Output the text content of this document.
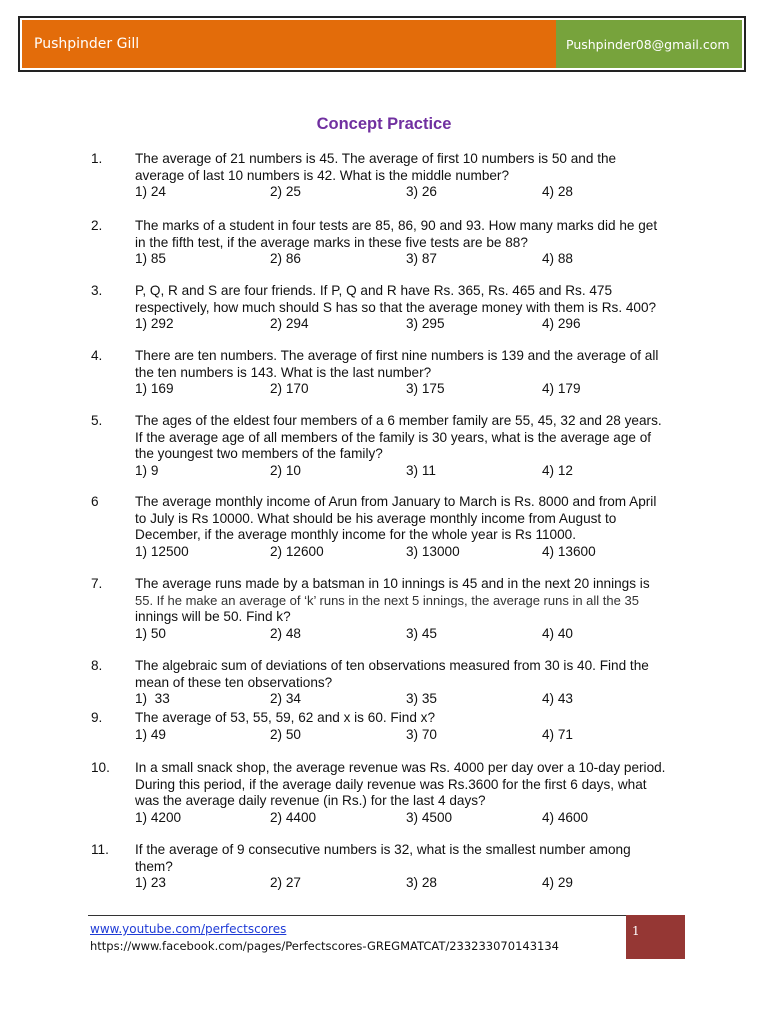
Pushpinder Gill	Pushpinder08@gmail.com
Concept Practice
1. The average of 21 numbers is 45. The average of first 10 numbers is 50 and the
average of last 10 numbers is 42. What is the middle number?
1) 24	2) 25	3) 26	4) 28
2. The marks of a student in four tests are 85, 86, 90 and 93. How many marks did he get
in the fifth test, if the average marks in these five tests are be 88?
1) 85	2) 86	3) 87	4) 88
3. P, Q, R and S are four friends. If P, Q and R have Rs. 365, Rs. 465 and Rs. 475
respectively, how much should S has so that the average money with them is Rs. 400?
1) 292	2) 294	3) 295	4) 296
4. There are ten numbers. The average of first nine numbers is 139 and the average of all
the ten numbers is 143. What is the last number?
1) 169	2) 170	3) 175	4) 179
5. The ages of the eldest four members of a 6 member family are 55, 45, 32 and 28 years.
If the average age of all members of the family is 30 years, what is the average age of
the youngest two members of the family?
1) 9	2) 10	3) 11	4) 12
6	The average monthly income of Arun from January to March is Rs. 8000 and from April
to July is Rs 10000. What should be his average monthly income from August to
December, if the average monthly income for the whole year is Rs 11000.
1) 12500	2) 12600	3) 13000	4) 13600
7. The average runs made by a batsman in 10 innings is 45 and in the next 20 innings is
55. If he make an average of ‘k’ runs in the next 5 innings, the average runs in all the 35
innings will be 50. Find k?
1) 50	2) 48	3) 45	4) 40
8. The algebraic sum of deviations of ten observations measured from 30 is 40. Find the
mean of these ten observations?
1)  33	2) 34	3) 35	4) 43
9. The average of 53, 55, 59, 62 and x is 60. Find x?
1) 49	2) 50	3) 70	4) 71
10. In a small snack shop, the average revenue was Rs. 4000 per day over a 10-day period.
During this period, if the average daily revenue was Rs.3600 for the first 6 days, what
was the average daily revenue (in Rs.) for the last 4 days?
1) 4200	2) 4400	3) 4500	4) 4600
11. If the average of 9 consecutive numbers is 32, what is the smallest number among
them?
1) 23	2) 27	3) 28	4) 29
www.youtube.com/perfectscores
https://www.facebook.com/pages/Perfectscores-GREGMATCAT/233233070143134
1
